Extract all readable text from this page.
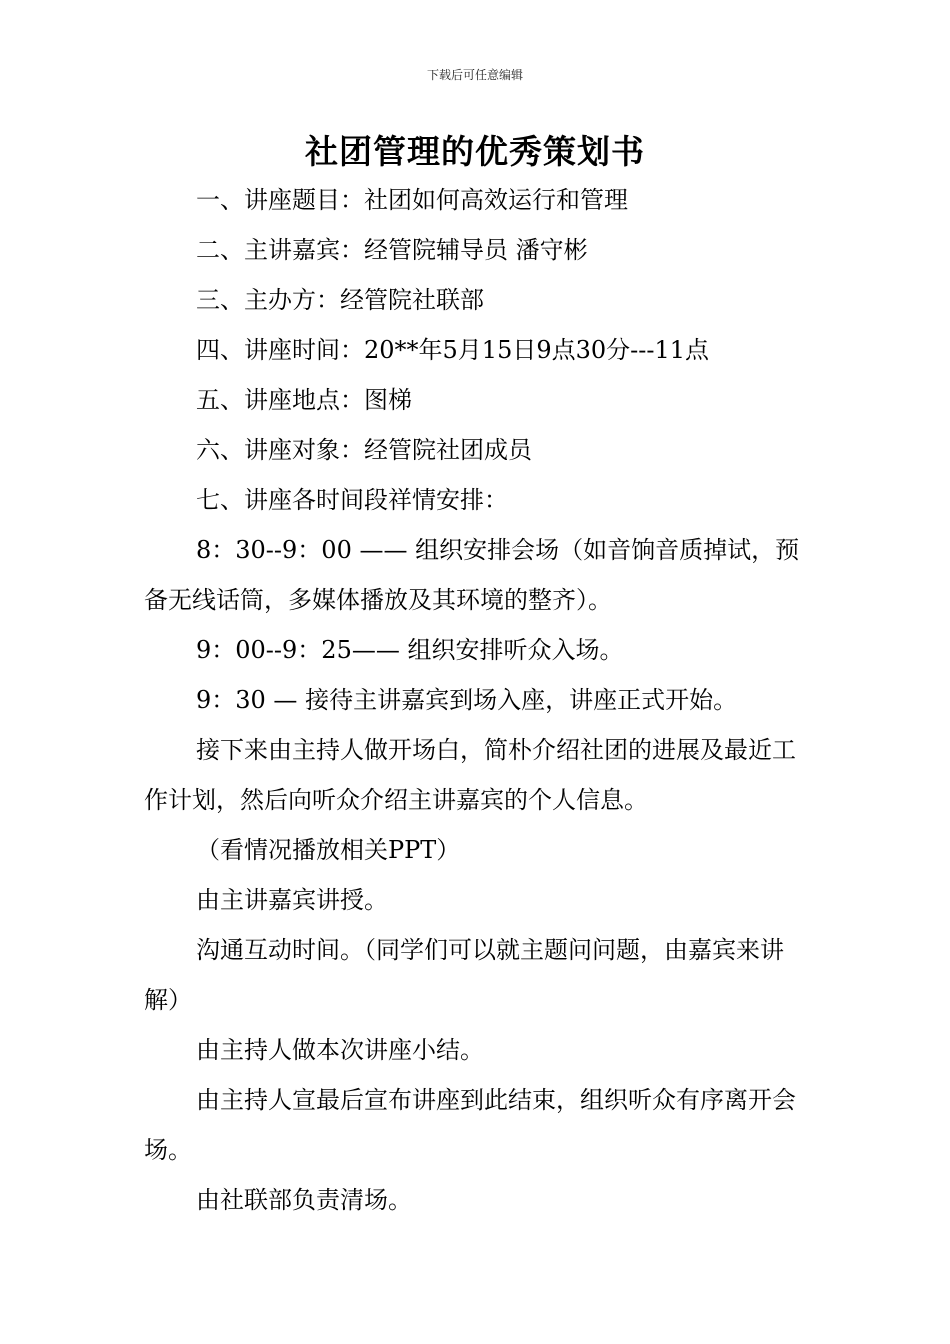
下载后可任意编辑
社团管理的优秀策划书

一、讲座题目：社团如何高效运行和管理

二、主讲嘉宾：经管院辅导员 潘守彬

三、主办方：经管院社联部

四、讲座时间：20**年5月15日9点30分---11点

五、讲座地点：图梯

六、讲座对象：经管院社团成员

七、讲座各时间段祥情安排：

8：30--9：00 —— 组织安排会场（如音饷音质掉试，预备无线话筒，多媒体播放及其环境的整齐）。

9：00--9：25—— 组织安排听众入场。

9：30 — 接待主讲嘉宾到场入座，讲座正式开始。

接下来由主持人做开场白，简朴介绍社团的进展及最近工作计划，然后向听众介绍主讲嘉宾的个人信息。

（看情况播放相关PPT）

由主讲嘉宾讲授。

沟通互动时间。（同学们可以就主题问问题，由嘉宾来讲解）

由主持人做本次讲座小结。

由主持人宣最后宣布讲座到此结束，组织听众有序离开会场。

由社联部负责清场。
